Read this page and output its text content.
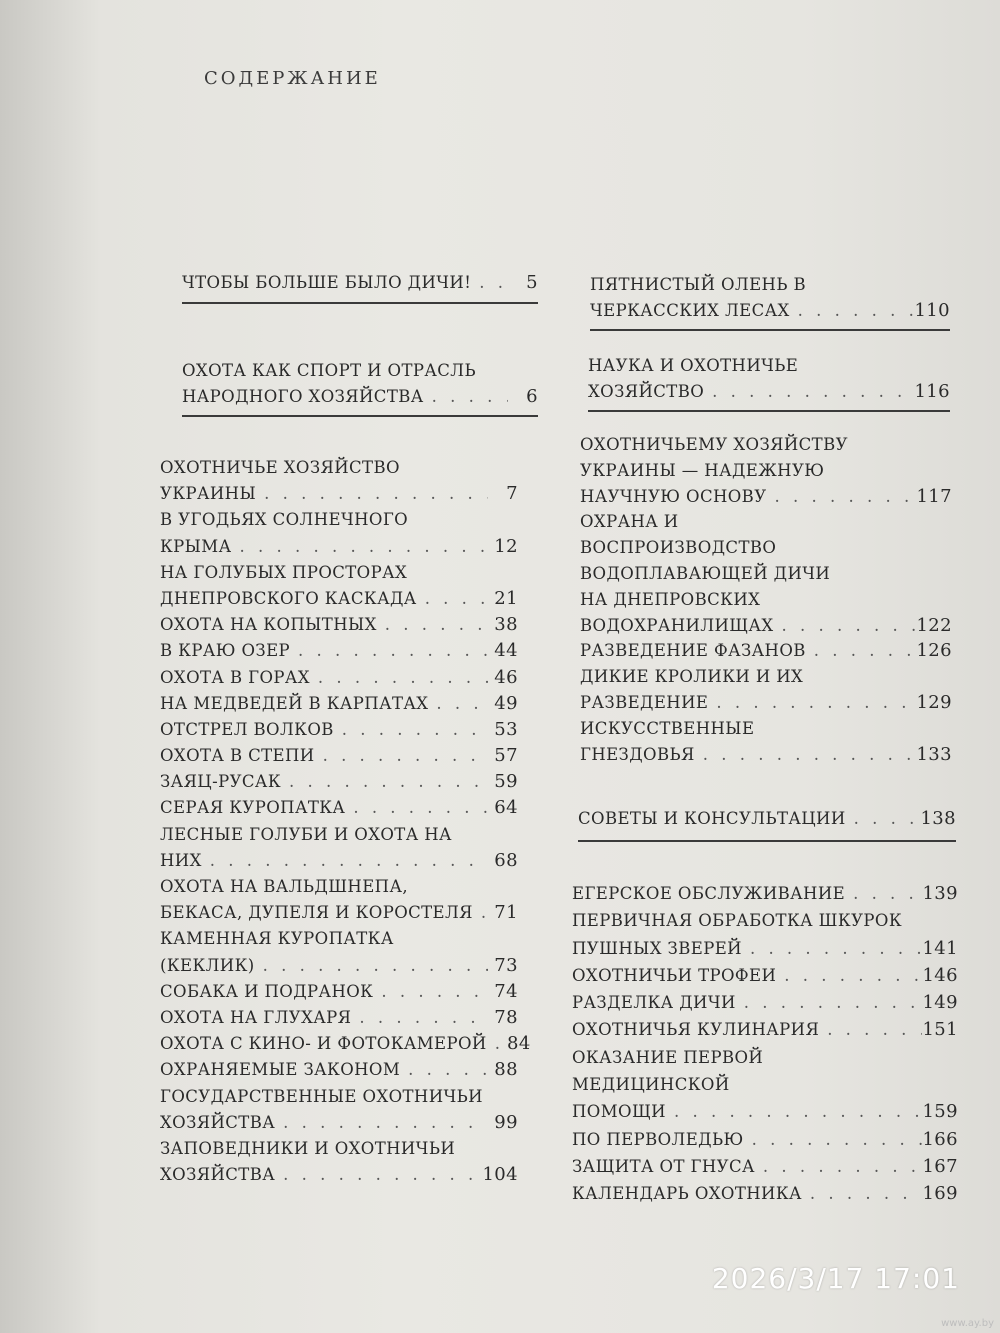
СОДЕРЖАНИЕ
ЧТОБЫ БОЛЬШЕ БЫЛО ДИЧИ! . . .	5
ОХОТА КАК СПОРТ И ОТРАСЛЬ
НАРОДНОГО ХОЗЯЙСТВА . . .	6
ОХОТНИЧЬЕ ХОЗЯЙСТВО
УКРАИНЫ . . .	7
В УГОДЬЯХ СОЛНЕЧНОГО
КРЫМА . . .	12
НА ГОЛУБЫХ ПРОСТОРАХ
ДНЕПРОВСКОГО КАСКАДА . . .	21
ОХОТА НА КОПЫТНЫХ . . .	38
В КРАЮ ОЗЕР . . .	44
ОХОТА В ГОРАХ . . .	46
НА МЕДВЕДЕЙ В КАРПАТАХ . . .	49
ОТСТРЕЛ ВОЛКОВ . . .	53
ОХОТА В СТЕПИ . . .	57
ЗАЯЦ-РУСАК . . .	59
СЕРАЯ КУРОПАТКА . . .	64
ЛЕСНЫЕ ГОЛУБИ И ОХОТА НА
НИХ . . .	68
ОХОТА НА ВАЛЬДШНЕПА,
БЕКАСА, ДУПЕЛЯ И КОРОСТЕЛЯ . . .	71
КАМЕННАЯ КУРОПАТКА
(КЕКЛИК) . . .	73
СОБАКА И ПОДРАНОК . . .	74
ОХОТА НА ГЛУХАРЯ . . .	78
ОХОТА С КИНО- И ФОТОКАМЕРОЙ . . .	84
ОХРАНЯЕМЫЕ ЗАКОНОМ . . .	88
ГОСУДАРСТВЕННЫЕ ОХОТНИЧЬИ
ХОЗЯЙСТВА . . .	99
ЗАПОВЕДНИКИ И ОХОТНИЧЬИ
ХОЗЯЙСТВА . . .	104
ПЯТНИСТЫЙ ОЛЕНЬ В
ЧЕРКАССКИХ ЛЕСАХ . . .	110
НАУКА И ОХОТНИЧЬЕ
ХОЗЯЙСТВО . . .	116
ОХОТНИЧЬЕМУ ХОЗЯЙСТВУ
УКРАИНЫ — НАДЕЖНУЮ
НАУЧНУЮ ОСНОВУ . . .	117
ОХРАНА И
ВОСПРОИЗВОДСТВО
ВОДОПЛАВАЮЩЕЙ ДИЧИ
НА ДНЕПРОВСКИХ
ВОДОХРАНИЛИЩАХ . . .	122
РАЗВЕДЕНИЕ ФАЗАНОВ . . .	126
ДИКИЕ КРОЛИКИ И ИХ
РАЗВЕДЕНИЕ . . .	129
ИСКУССТВЕННЫЕ
ГНЕЗДОВЬЯ . . .	133
СОВЕТЫ И КОНСУЛЬТАЦИИ . . .	138
ЕГЕРСКОЕ ОБСЛУЖИВАНИЕ . . .	139
ПЕРВИЧНАЯ ОБРАБОТКА ШКУРОК
ПУШНЫХ ЗВЕРЕЙ . . .	141
ОХОТНИЧЬИ ТРОФЕИ . . .	146
РАЗДЕЛКА ДИЧИ . . .	149
ОХОТНИЧЬЯ КУЛИНАРИЯ . . .	151
ОКАЗАНИЕ ПЕРВОЙ
МЕДИЦИНСКОЙ
ПОМОЩИ . . .	159
ПО ПЕРВОЛЕДЬЮ . . .	166
ЗАЩИТА ОТ ГНУСА . . .	167
КАЛЕНДАРЬ ОХОТНИКА . . .	169
2026/3/17 17:01
www.ay.by
